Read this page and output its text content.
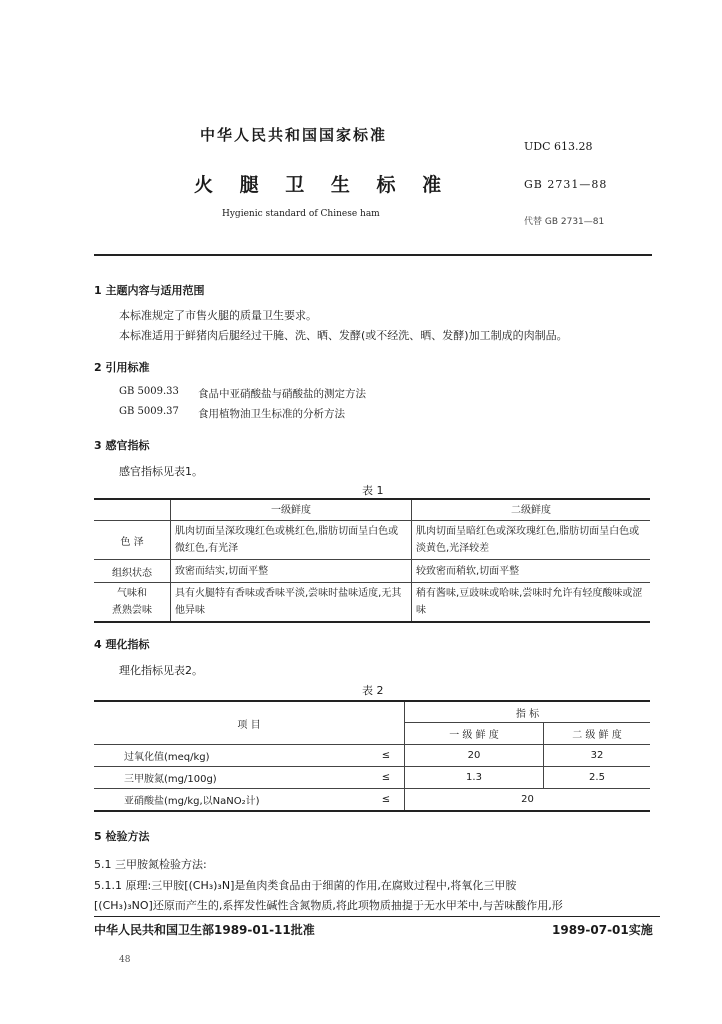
中华人民共和国国家标准
UDC 613.28
火 腿 卫 生 标 准	GB 2731—88
Hygienic standard of Chinese ham
代替 GB 2731—81
1 主题内容与适用范围
本标准规定了市售火腿的质量卫生要求。
本标准适用于鲜猪肉后腿经过干腌、洗、晒、发酵(或不经洗、晒、发酵)加工制成的肉制品。
2 引用标准
GB 5009.33 食品中亚硝酸盐与硝酸盐的测定方法
GB 5009.37 食用植物油卫生标准的分析方法
3 感官指标
感官指标见表1。
表 1
	一级鲜度	二级鲜度
色 泽	肌肉切面呈深玫瑰红色或桃红色,脂肪切面呈白色或微红色,有光泽	肌肉切面呈暗红色或深玫瑰红色,脂肪切面呈白色或淡黄色,光泽较差
组织状态	致密而结实,切面平整	较致密而稍软,切面平整
气味和
煮熟尝味	具有火腿特有香味或香味平淡,尝味时盐味适度,无其他异味	稍有酱味,豆豉味或哈味,尝味时允许有轻度酸味或涩味
4 理化指标
理化指标见表2。
表 2
项 目		指 标	
		一 级 鲜 度	二 级 鲜 度
过氧化值(meq/kg)	≤	20	32
三甲胺氮(mg/100g)	≤	1.3	2.5
亚硝酸盐(mg/kg,以NaNO₂计)	≤	20	
5 检验方法
5.1 三甲胺氮检验方法:
5.1.1 原理:三甲胺[(CH₃)₃N]是鱼肉类食品由于细菌的作用,在腐败过程中,将氧化三甲胺
[(CH₃)₃NO]还原而产生的,系挥发性碱性含氮物质,将此项物质抽提于无水甲苯中,与苦味酸作用,形
中华人民共和国卫生部1989-01-11批准	1989-07-01实施
48
